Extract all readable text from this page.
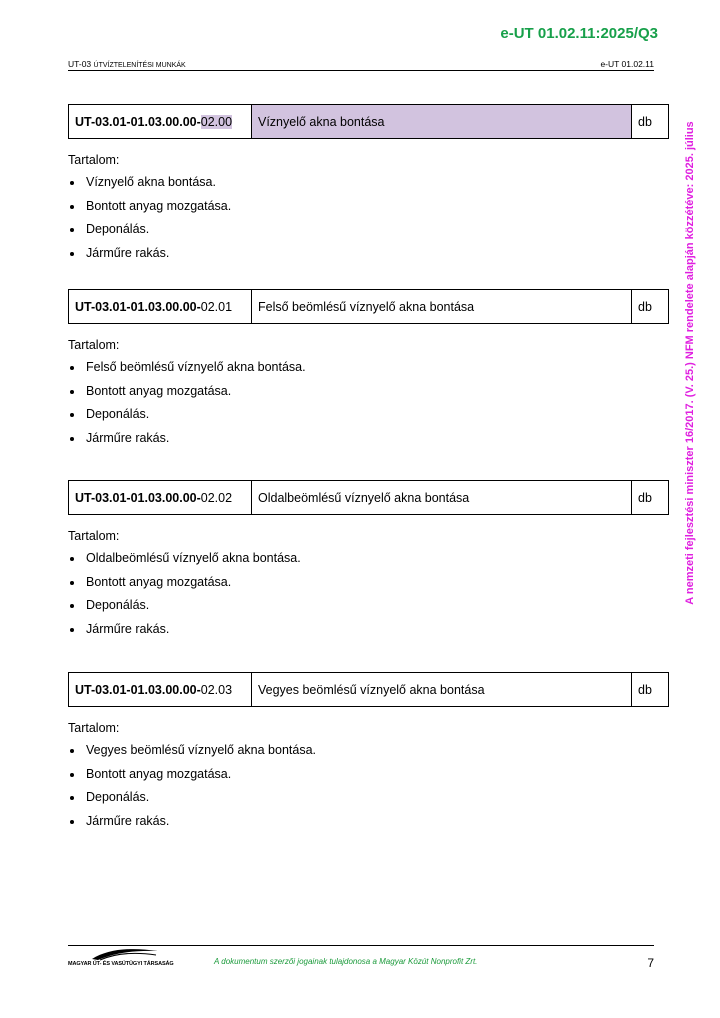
e-UT 01.02.11:2025/Q3
UT-03 ÚTVÍZTELENÍTÉSI MUNKÁK	e-UT 01.02.11
A nemzeti fejlesztési miniszter 16/2017. (V. 25.) NFM rendelete alapján közzétéve: 2025. július
UT-03.01-01.03.00.00-02.00	Víznyelő akna bontása	db
Tartalom:
Víznyelő akna bontása.
Bontott anyag mozgatása.
Deponálás.
Járműre rakás.
UT-03.01-01.03.00.00-02.01	Felső beömlésű víznyelő akna bontása	db
Tartalom:
Felső beömlésű víznyelő akna bontása.
Bontott anyag mozgatása.
Deponálás.
Járműre rakás.
UT-03.01-01.03.00.00-02.02	Oldalbeömlésű víznyelő akna bontása	db
Tartalom:
Oldalbeömlésű víznyelő akna bontása.
Bontott anyag mozgatása.
Deponálás.
Járműre rakás.
UT-03.01-01.03.00.00-02.03	Vegyes beömlésű víznyelő akna bontása	db
Tartalom:
Vegyes beömlésű víznyelő akna bontása.
Bontott anyag mozgatása.
Deponálás.
Járműre rakás.
MAGYAR ÚT- ÉS VASÚTÜGYI TÁRSASÁG	A dokumentum szerzői jogainak tulajdonosa a Magyar Közút Nonprofit Zrt.	7
